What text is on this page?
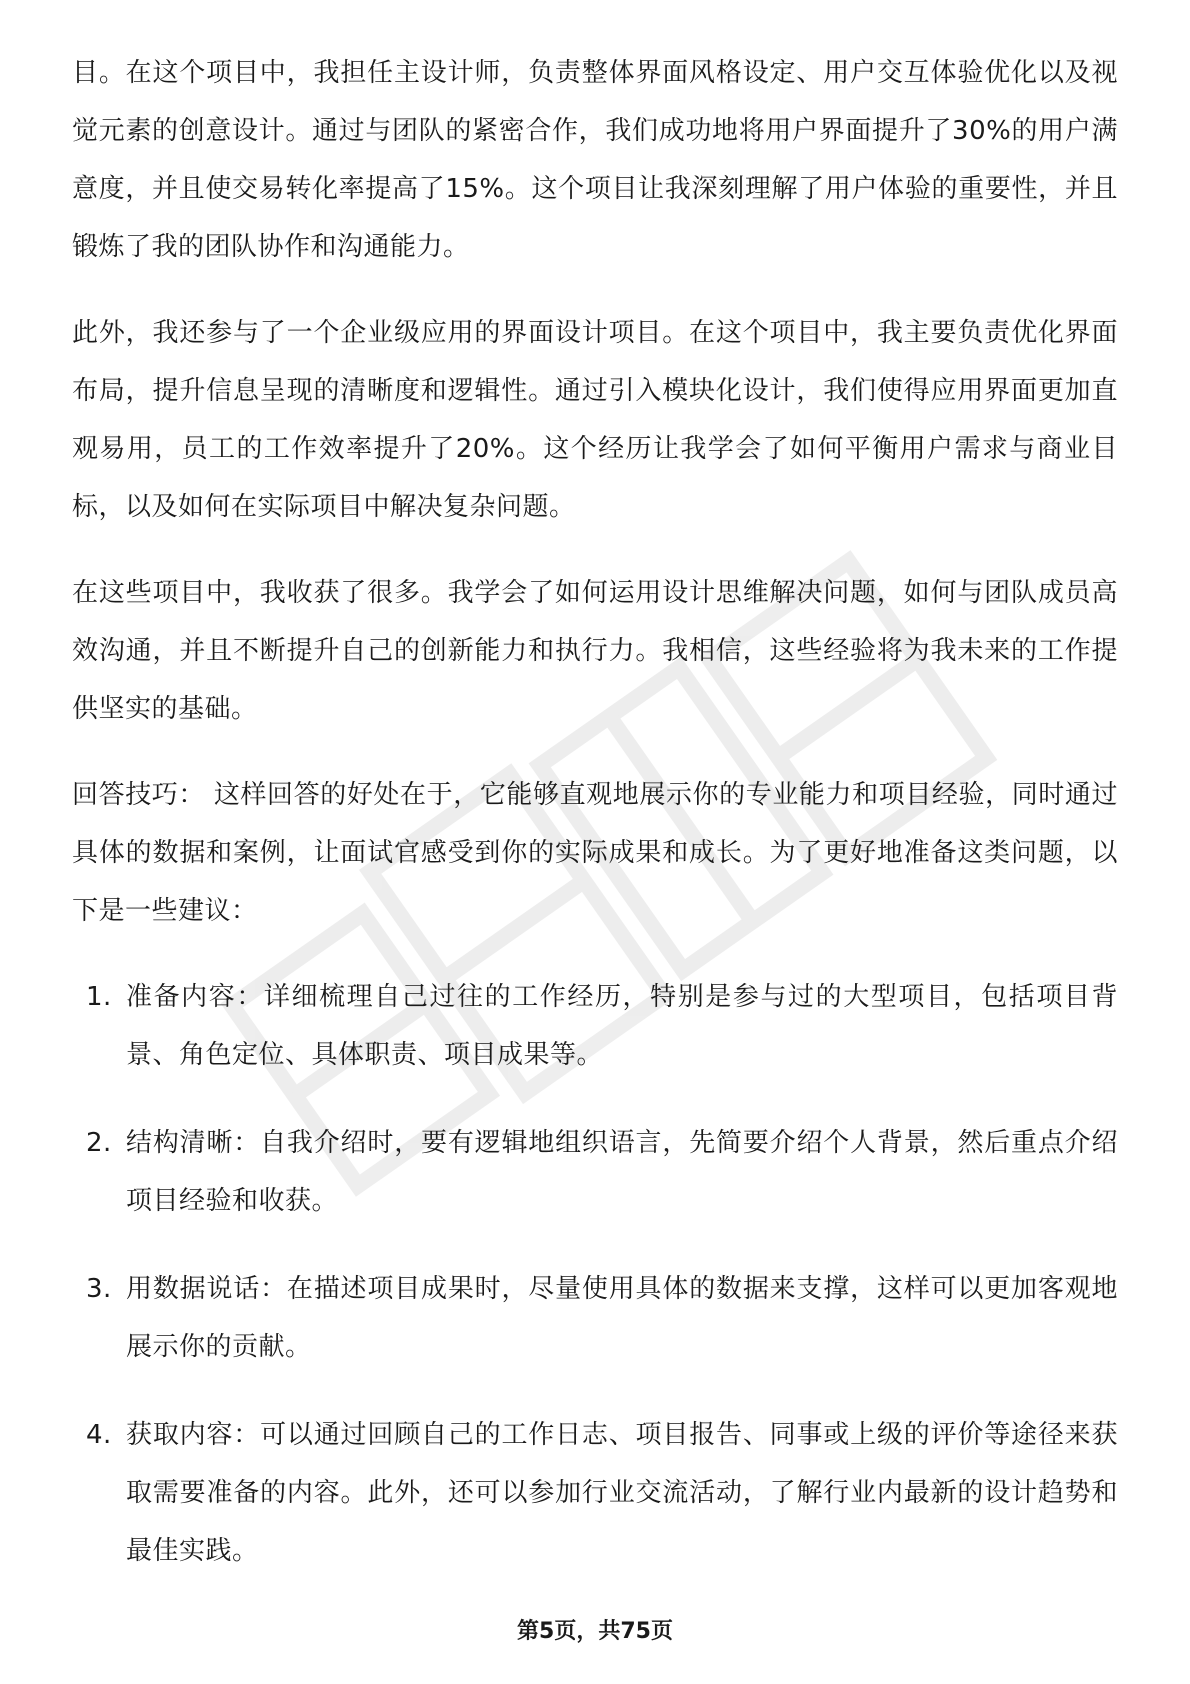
目。在这个项目中，我担任主设计师，负责整体界面风格设定、用户交互体验优化以及视觉元素的创意设计。通过与团队的紧密合作，我们成功地将用户界面提升了30%的用户满意度，并且使交易转化率提高了15%。这个项目让我深刻理解了用户体验的重要性，并且锻炼了我的团队协作和沟通能力。

此外，我还参与了一个企业级应用的界面设计项目。在这个项目中，我主要负责优化界面布局，提升信息呈现的清晰度和逻辑性。通过引入模块化设计，我们使得应用界面更加直观易用，员工的工作效率提升了20%。这个经历让我学会了如何平衡用户需求与商业目标，以及如何在实际项目中解决复杂问题。

在这些项目中，我收获了很多。我学会了如何运用设计思维解决问题，如何与团队成员高效沟通，并且不断提升自己的创新能力和执行力。我相信，这些经验将为我未来的工作提供坚实的基础。

回答技巧： 这样回答的好处在于，它能够直观地展示你的专业能力和项目经验，同时通过具体的数据和案例，让面试官感受到你的实际成果和成长。为了更好地准备这类问题，以下是一些建议：

1. 准备内容：详细梳理自己过往的工作经历，特别是参与过的大型项目，包括项目背景、角色定位、具体职责、项目成果等。
2. 结构清晰：自我介绍时，要有逻辑地组织语言，先简要介绍个人背景，然后重点介绍项目经验和收获。
3. 用数据说话：在描述项目成果时，尽量使用具体的数据来支撑，这样可以更加客观地展示你的贡献。
4. 获取内容：可以通过回顾自己的工作日志、项目报告、同事或上级的评价等途径来获取需要准备的内容。此外，还可以参加行业交流活动，了解行业内最新的设计趋势和最佳实践。
第5页，共75页
